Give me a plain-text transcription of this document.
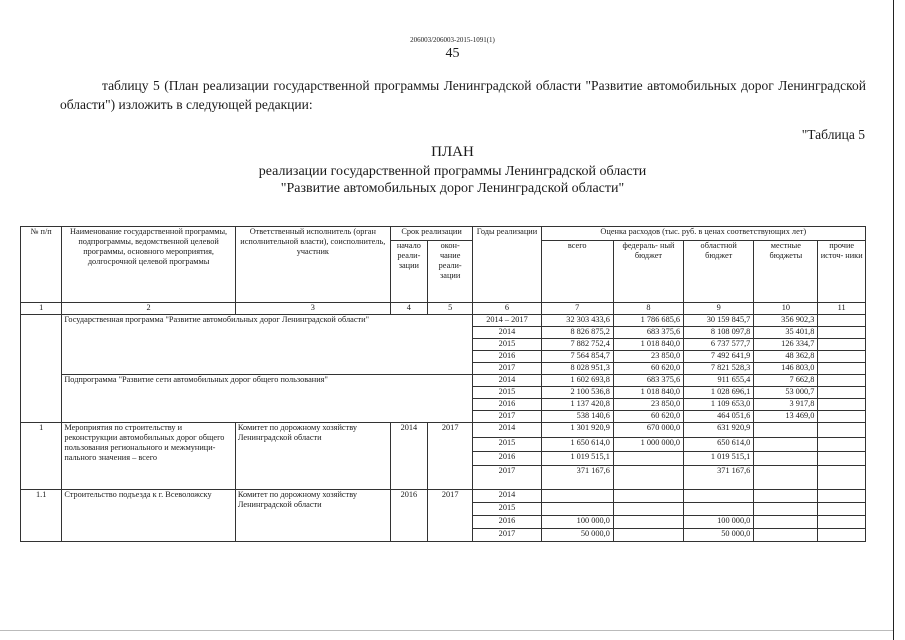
206003/206003-2015-1091(1)
45
таблицу 5 (План реализации государственной программы Ленинградской области "Развитие автомобильных дорог Ленинградской области") изложить в следующей редакции:
"Таблица 5
ПЛАН
реализации государственной программы Ленинградской области
"Развитие автомобильных дорог Ленинградской области"
№ п/п	Наименование государственной программы, подпрограммы, ведомственной целевой программы, основного мероприятия, долгосрочной целевой программы	Ответственный исполнитель (орган исполнительной власти), соисполнитель, участник	Срок реализации		Годы реализации	Оценка расходов (тыс. руб. в ценах соответствующих лет)				
			начало реали- зации	окон- чание реали- зации		всего	федераль- ный бюджет	областной бюджет	местные бюджеты	прочие источ- ники
1	2	3	4	5	6	7	8	9	10	11
	Государственная программа "Развитие автомобильных дорог Ленинградской области"				2014 – 2017	32 303 433,6	1 786 685,6	30 159 845,7	356 902,3	
					2014	8 826 875,2	683 375,6	8 108 097,8	35 401,8	
					2015	7 882 752,4	1 018 840,0	6 737 577,7	126 334,7	
					2016	7 564 854,7	23 850,0	7 492 641,9	48 362,8	
					2017	8 028 951,3	60 620,0	7 821 528,3	146 803,0	
	Подпрограмма "Развитие сети автомобильных дорог общего пользования"				2014	1 602 693,8	683 375,6	911 655,4	7 662,8	
					2015	2 100 536,8	1 018 840,0	1 028 696,1	53 000,7	
					2016	1 137 420,8	23 850,0	1 109 653,0	3 917,8	
					2017	538 140,6	60 620,0	464 051,6	13 469,0	
1	Мероприятия по строительству и реконструкции автомобильных дорог общего пользования регионального и межмуници- пального значения – всего	Комитет по дорожному хозяйству Ленинградской области	2014	2017	2014	1 301 920,9	670 000,0	631 920,9		
					2015	1 650 614,0	1 000 000,0	650 614,0		
					2016	1 019 515,1		1 019 515,1		
					2017	371 167,6		371 167,6		
1.1	Строительство подъезда к г. Всеволожску	Комитет по дорожному хозяйству Ленинградской области	2016	2017	2014					
					2015					
					2016	100 000,0		100 000,0		
					2017	50 000,0		50 000,0		
